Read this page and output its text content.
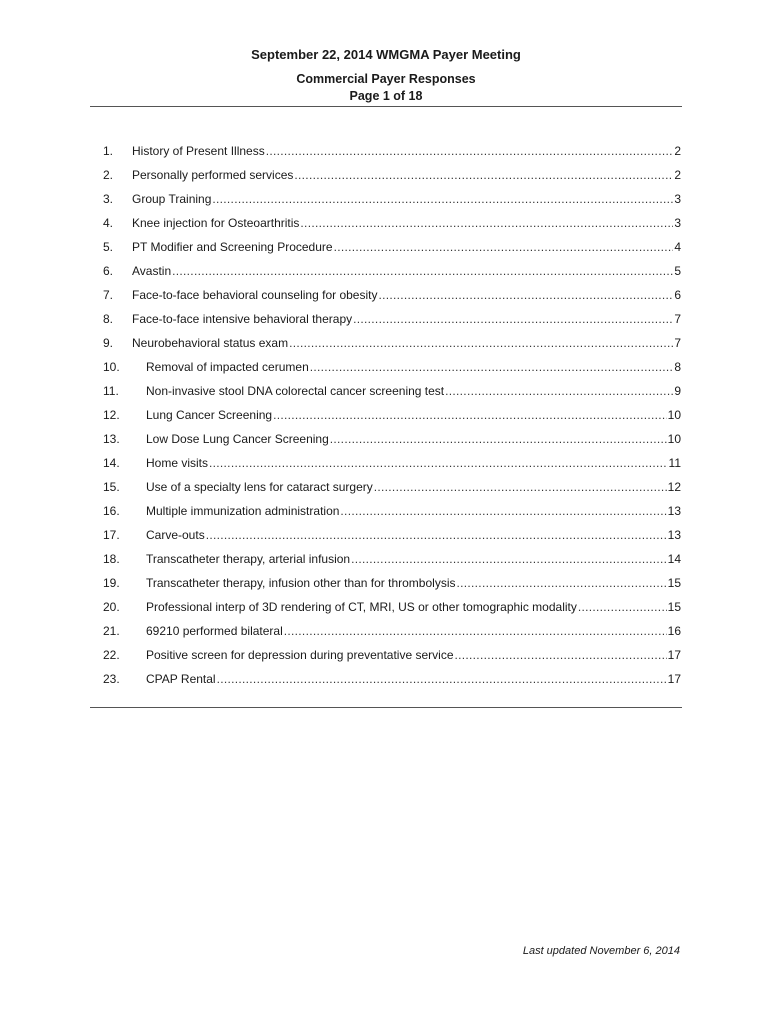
September 22, 2014 WMGMA Payer Meeting

Commercial Payer Responses

Page 1 of 18

1.	History of Present Illness .....	2
2.	Personally performed services .....	2
3.	Group Training .....	3
4.	Knee injection for Osteoarthritis .....	3
5.	PT Modifier and Screening Procedure .....	4
6.	Avastin .....	5
7.	Face-to-face behavioral counseling for obesity .....	6
8.	Face-to-face intensive behavioral therapy .....	7
9.	Neurobehavioral status exam .....	7
10.	Removal of impacted cerumen .....	8
11.	Non-invasive stool DNA colorectal cancer screening test .....	9
12.	Lung Cancer Screening .....	10
13.	Low Dose Lung Cancer Screening .....	10
14.	Home visits .....	11
15.	Use of a specialty lens for cataract surgery .....	12
16.	Multiple immunization administration .....	13
17.	Carve-outs .....	13
18.	Transcatheter therapy, arterial infusion .....	14
19.	Transcatheter therapy, infusion other than for thrombolysis .....	15
20.	Professional interp of 3D rendering of CT, MRI, US or other tomographic modality .....	15
21.	69210 performed bilateral .....	16
22.	Positive screen for depression during preventative service .....	17
23.	CPAP Rental .....	17
Last updated November 6, 2014
